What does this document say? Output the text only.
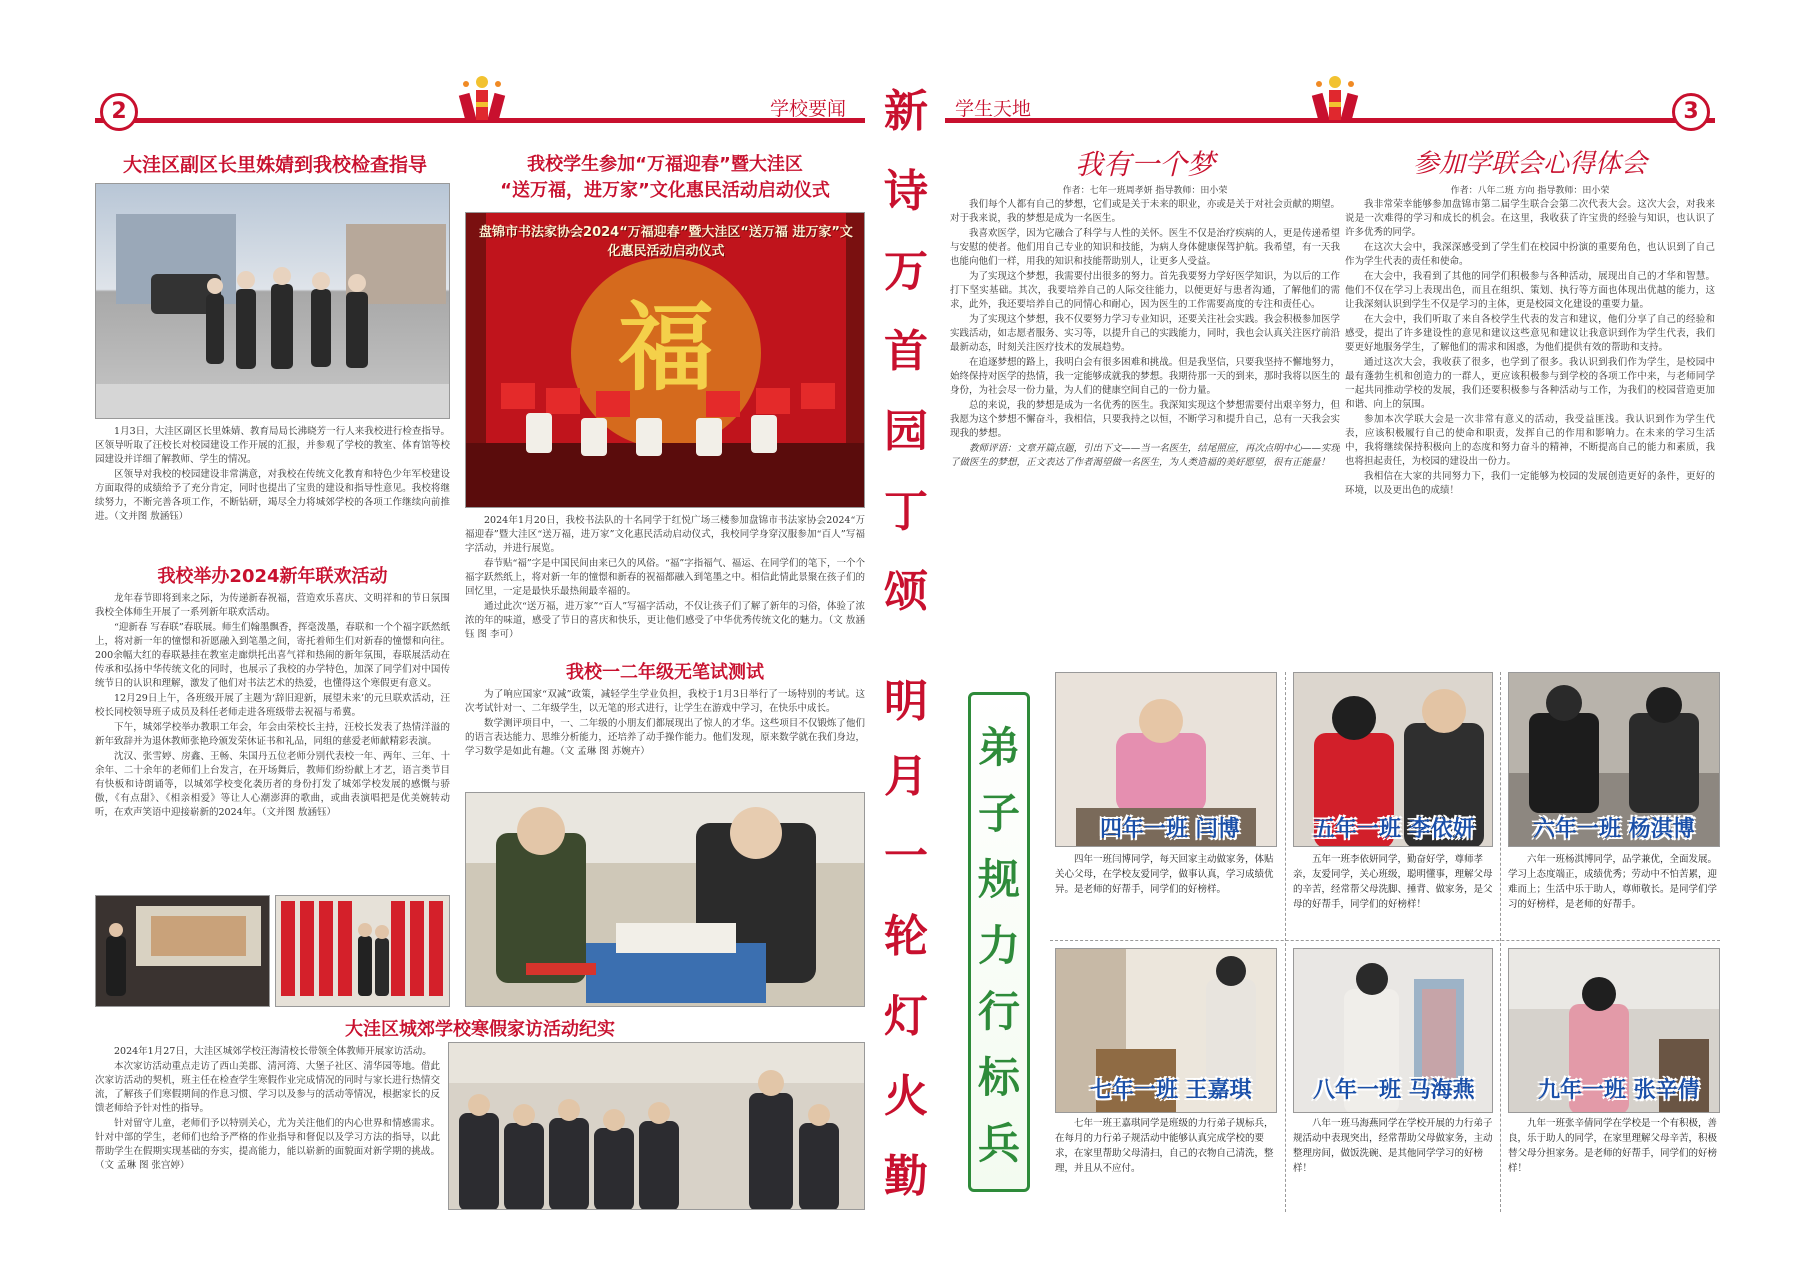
2	学校要闻	学生天地	3
新
诗
万
首
园
丁
颂
明
月
一
轮
灯
火
勤
大洼区副区长里姝婧到我校检查指导

1月3日，大洼区副区长里姝婧、教育局局长沸晓芳一行人来我校进行检查指导。区领导听取了汪校长对校园建设工作开展的汇报，并参观了学校的教室、体育馆等校园建设并详细了解教师、学生的情况。

区领导对我校的校园建设非常满意，对我校在传统文化教育和特色少年军校建设方面取得的成绩给予了充分肯定，同时也提出了宝贵的建设和指导性意见。我校将继续努力，不断完善各项工作，不断钻研，竭尽全力将城郊学校的各项工作继续向前推进。（文并图 敖涵钰）

我校举办2024新年联欢活动

龙年春节即将到来之际，为传递新春祝福，营造欢乐喜庆、文明祥和的节日氛围我校全体师生开展了一系列新年联欢活动。

“迎新春 写春联”春联展。师生们翰墨飘香，挥毫泼墨，春联和一个个福字跃然纸上，将对新一年的憧憬和祈愿融入到笔墨之间，寄托着师生们对新春的憧憬和向往。200余幅大红的春联悬挂在教室走廊烘托出喜气祥和热闹的新年氛围，春联展活动在传承和弘扬中华传统文化的同时，也展示了我校的办学特色，加深了同学们对中国传统节日的认识和理解，激发了他们对书法艺术的热爱，也懂得这个寒假更有意义。

12月29日上午，各班级开展了主题为‘辞旧迎新，展望未来’的元旦联欢活动，汪校长同校领导班子成员及科任老师走进各班级带去祝福与希冀。

下午，城郊学校举办教职工年会，年会由荣校长主持，汪校长发表了热情洋溢的新年致辞并为退休教师张艳玲颁发荣休证书和礼品，同组的慈爱老师献精彩表演。

沈汉、张雪婷、房鑫、王畅、朱国丹五位老师分别代表校一年、两年、三年、十余年、二十余年的老师们上台发言，在开场舞后，教师们纷纷献上才艺，语言类节目有快板和诗朗诵等，以城郊学校变化袭历者的身份打发了城郊学校发展的感慨与骄傲，《有点甜》、《相亲相爱》等让人心潮澎湃的歌曲，或曲表演唱把是优美婉转动听，在欢声笑语中迎接崭新的2024年。（文并图 敖涵钰）

我校学生参加“万福迎春”暨大洼区
“送万福，进万家”文化惠民活动启动仪式
盘锦市书法家协会2024“万福迎春”暨大洼区“送万福 进万家”文化惠民活动启动仪式
福

2024年1月20日，我校书法队的十名同学于红悦广场三楼参加盘锦市书法家协会2024“万福迎春”暨大洼区“送万福，进万家”文化惠民活动启动仪式，我校同学身穿汉服参加“百人”写福字活动，并进行展览。

春节贴“福”字是中国民间由来已久的风俗。“福”字指福气、福运、在同学们的笔下，一个个福字跃然纸上，将对新一年的憧憬和新春的祝福都融入到笔墨之中。相信此情此景聚在孩子们的回忆里，一定是最快乐最热闹最幸福的。

通过此次“送万福，进万家”“百人”写福字活动，不仅让孩子们了解了新年的习俗，体验了浓浓的年的味道，感受了节日的喜庆和快乐，更让他们感受了中华优秀传统文化的魅力。（文 敖涵钰 图 李可）

我校一二年级无笔试测试

为了响应国家“双减”政策，减轻学生学业负担，我校于1月3日举行了一场特别的考试。这次考试针对一、二年级学生，以无笔的形式进行，让学生在游戏中学习，在快乐中成长。

数学测评项目中，一、二年级的小朋友们都展现出了惊人的才华。这些项目不仅锻炼了他们的语言表达能力、思维分析能力，还培养了动手操作能力。他们发现，原来数学就在我们身边，学习数学是如此有趣。（文 孟琳 图 苏婉卉）

大洼区城郊学校寒假家访活动纪实

2024年1月27日，大洼区城郊学校汪海清校长带领全体教师开展家访活动。

本次家访活动重点走访了西山美郡、清河湾、大堡子社区、清华园等地。借此次家访活动的契机，班主任在检查学生寒假作业完成情况的同时与家长进行热情交流，了解孩子们寒假期间的作息习惯、学习以及参与的活动等情况，根据家长的反馈老师给予针对性的指导。

针对留守儿童，老师们予以特别关心，尤为关注他们的内心世界和情感需求。针对中部的学生，老师们也给予严格的作业指导和督促以及学习方法的指导，以此帮助学生在假期实现基础的夯实，提高能力，能以崭新的面貌面对新学期的挑战。（文 孟琳 图 张宫婷）

我有一个梦
作者：七年一班周孝妍 指导教师：田小荣

我们每个人都有自己的梦想，它们或是关于未来的职业，亦或是关于对社会贡献的期望。对于我来说，我的梦想是成为一名医生。

我喜欢医学，因为它融合了科学与人性的关怀。医生不仅是治疗疾病的人，更是传递希望与安慰的使者。他们用自己专业的知识和技能，为病人身体健康保驾护航。我希望，有一天我也能向他们一样，用我的知识和技能帮助别人，让更多人受益。

为了实现这个梦想，我需要付出很多的努力。首先我要努力学好医学知识，为以后的工作打下坚实基础。其次，我要培养自己的人际交往能力，以便更好与患者沟通，了解他们的需求，此外，我还要培养自己的同情心和耐心，因为医生的工作需要高度的专注和责任心。

为了实现这个梦想，我不仅要努力学习专业知识，还要关注社会实践。我会积极参加医学实践活动，如志愿者服务、实习等，以提升自己的实践能力，同时，我也会认真关注医疗前沿最新动态，时刻关注医疗技术的发展趋势。

在追逐梦想的路上，我明白会有很多困难和挑战。但是我坚信，只要我坚持不懈地努力，始终保持对医学的热情，我一定能够成就我的梦想。我期待那一天的到来，那时我将以医生的身份，为社会尽一份力量，为人们的健康空间自己的一份力量。

总的来说，我的梦想是成为一名优秀的医生。我深知实现这个梦想需要付出艰辛努力，但我愿为这个梦想不懈奋斗，我相信，只要我持之以恒，不断学习和提升自己，总有一天我会实现我的梦想。

教师评语：文章开篇点题，引出下文——当一名医生，结尾照应，再次点明中心——实现了做医生的梦想，正文表达了作者渴望做一名医生，为人类造福的美好愿望，很有正能量！

参加学联会心得体会
作者：八年二班 方向 指导教师：田小荣

我非常荣幸能够参加盘锦市第二届学生联合会第二次代表大会。这次大会，对我来说是一次难得的学习和成长的机会。在这里，我收获了许宝贵的经验与知识，也认识了许多优秀的同学。

在这次大会中，我深深感受到了学生们在校园中扮演的重要角色，也认识到了自己作为学生代表的责任和使命。

在大会中，我看到了其他的同学们积极参与各种活动，展现出自己的才华和智慧。他们不仅在学习上表现出色，而且在组织、策划、执行等方面也体现出优越的能力，这让我深刻认识到学生不仅是学习的主体，更是校园文化建设的重要力量。

在大会中，我们听取了来自各校学生代表的发言和建议，他们分享了自己的经验和感受，提出了许多建设性的意见和建议这些意见和建议让我意识到作为学生代表，我们要更好地服务学生，了解他们的需求和困惑，为他们提供有效的帮助和支持。

通过这次大会，我收获了很多，也学到了很多。我认识到我们作为学生，是校园中最有蓬勃生机和创造力的一群人，更应该积极参与到学校的各项工作中来，与老师同学一起共同推动学校的发展，我们还要积极参与各种活动与工作，为我们的校园营造更加和谐、向上的氛围。

参加本次学联大会是一次非常有意义的活动，我受益匪浅。我认识到作为学生代表，应该积极履行自己的使命和职责，发挥自己的作用和影响力。在未来的学习生活中，我将继续保持积极向上的态度和努力奋斗的精神，不断提高自己的能力和素质，我也将担起责任，为校园的建设出一份力。

我相信在大家的共同努力下，我们一定能够为校园的发展创造更好的条件，更好的环境，以及更出色的成绩！

弟
子
规
力
行
标
兵
四年一班 闫博
四年一班闫博同学，每天回家主动做家务，体贴关心父母，在学校友爱同学，做事认真，学习成绩优异。是老师的好帮手，同学们的好榜样。
五年一班 李依妍
五年一班李依妍同学，勤奋好学，尊师孝亲，友爱同学，关心班级，聪明懂事，理解父母的辛苦，经常帮父母洗脚、捶背、做家务，是父母的好帮手，同学们的好榜样！
六年一班 杨淇博
六年一班杨淇博同学，品学兼优，全面发展。学习上态度端正，成绩优秀；劳动中不怕苦累，迎难而上；生活中乐于助人，尊师敬长。是同学们学习的好榜样，是老师的好帮手。
七年一班 王嘉琪
七年一班王嘉琪同学是班级的力行弟子规标兵，在每月的力行弟子规活动中能够认真完成学校的要求，在家里帮助父母清扫，自己的衣物自己清洗，整理，并且从不应付。
八年一班 马海燕
八年一班马海燕同学在学校开展的力行弟子规活动中表现突出，经常帮助父母做家务，主动整理房间，做饭洗碗、是其他同学学习的好榜样！
九年一班 张辛倩
九年一班张辛倩同学在学校是一个有积极，善良，乐于助人的同学，在家里理解父母辛苦，积极替父母分担家务。是老师的好帮手，同学们的好榜样！
